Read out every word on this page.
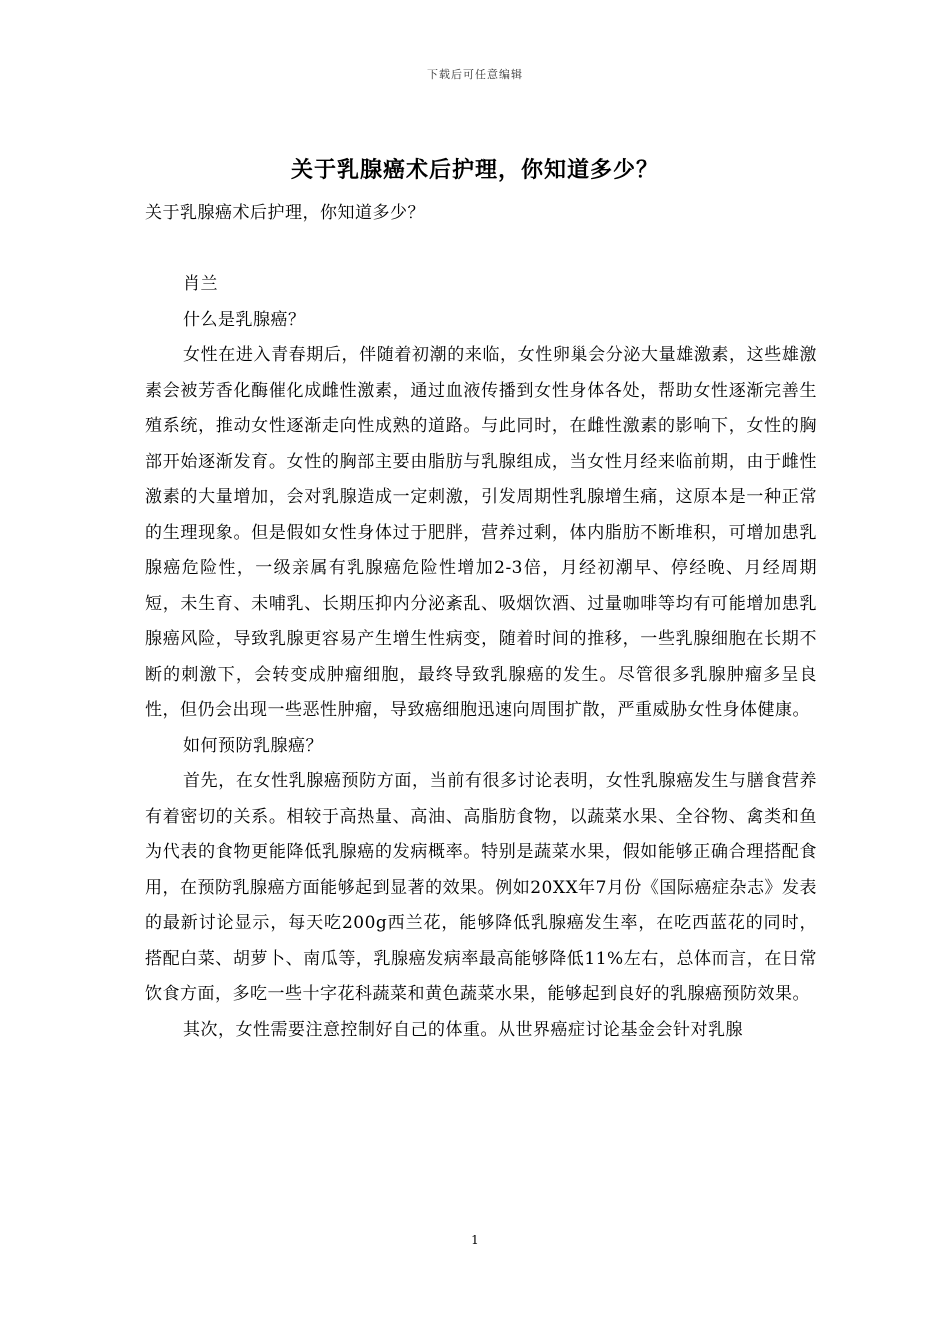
下载后可任意编辑
关于乳腺癌术后护理，你知道多少？

关于乳腺癌术后护理，你知道多少？

肖兰

什么是乳腺癌？

女性在进入青春期后，伴随着初潮的来临，女性卵巢会分泌大量雄激素，这些雄激素会被芳香化酶催化成雌性激素，通过血液传播到女性身体各处，帮助女性逐渐完善生殖系统，推动女性逐渐走向性成熟的道路。与此同时，在雌性激素的影响下，女性的胸部开始逐渐发育。女性的胸部主要由脂肪与乳腺组成，当女性月经来临前期，由于雌性激素的大量增加，会对乳腺造成一定刺激，引发周期性乳腺增生痛，这原本是一种正常的生理现象。但是假如女性身体过于肥胖，营养过剩，体内脂肪不断堆积，可增加患乳腺癌危险性，一级亲属有乳腺癌危险性增加2-3倍，月经初潮早、停经晚、月经周期短，未生育、未哺乳、长期压抑内分泌紊乱、吸烟饮酒、过量咖啡等均有可能增加患乳腺癌风险，导致乳腺更容易产生增生性病变，随着时间的推移，一些乳腺细胞在长期不断的刺激下，会转变成肿瘤细胞，最终导致乳腺癌的发生。尽管很多乳腺肿瘤多呈良性，但仍会出现一些恶性肿瘤，导致癌细胞迅速向周围扩散，严重威胁女性身体健康。

如何预防乳腺癌？

首先，在女性乳腺癌预防方面，当前有很多讨论表明，女性乳腺癌发生与膳食营养有着密切的关系。相较于高热量、高油、高脂肪食物，以蔬菜水果、全谷物、禽类和鱼为代表的食物更能降低乳腺癌的发病概率。特别是蔬菜水果，假如能够正确合理搭配食用，在预防乳腺癌方面能够起到显著的效果。例如20XX年7月份《国际癌症杂志》发表的最新讨论显示，每天吃200g西兰花，能够降低乳腺癌发生率，在吃西蓝花的同时，搭配白菜、胡萝卜、南瓜等，乳腺癌发病率最高能够降低11%左右，总体而言，在日常饮食方面，多吃一些十字花科蔬菜和黄色蔬菜水果，能够起到良好的乳腺癌预防效果。

其次，女性需要注意控制好自己的体重。从世界癌症讨论基金会针对乳腺

1
